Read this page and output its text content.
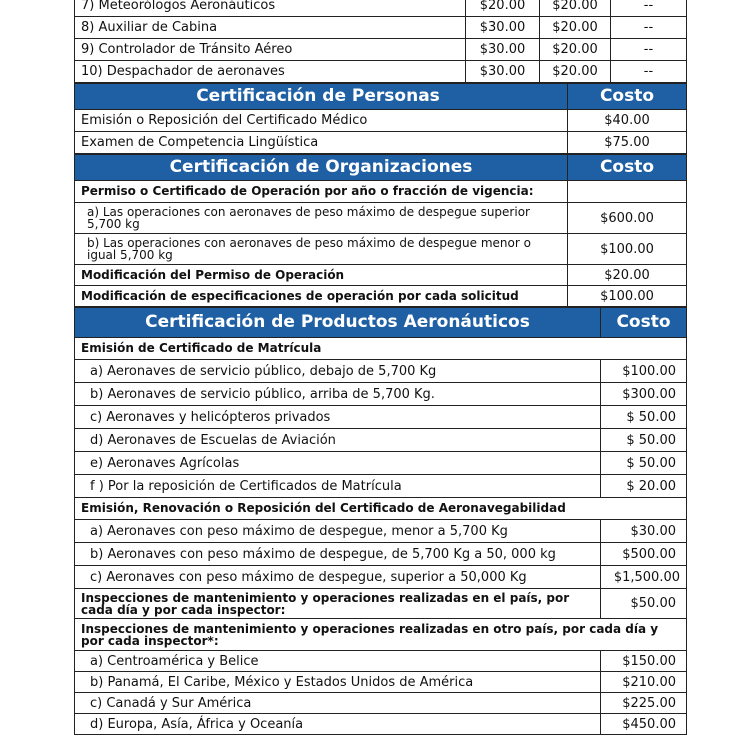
7) Meteorólogos Aeronáuticos	$20.00	$20.00	--
8) Auxiliar de Cabina	$30.00	$20.00	--
9) Controlador de Tránsito Aéreo	$30.00	$20.00	--
10) Despachador de aeronaves	$30.00	$20.00	--
Certificación de Personas	Costo
Emisión o Reposición del Certificado Médico	$40.00
Examen de Competencia Lingüística	$75.00
Certificación de Organizaciones	Costo
Permiso o Certificado de Operación por año o fracción de vigencia:	
a) Las operaciones con aeronaves de peso máximo de despegue superior 5,700 kg	$600.00
b) Las operaciones con aeronaves de peso máximo de despegue menor o igual 5,700 kg	$100.00
Modificación del Permiso de Operación	$20.00
Modificación de especificaciones de operación por cada solicitud	$100.00
Certificación de Productos Aeronáuticos	Costo
Emisión de Certificado de Matrícula	
a) Aeronaves de servicio público, debajo de 5,700 Kg	$100.00
b) Aeronaves de servicio público, arriba de 5,700 Kg.	$300.00
c) Aeronaves y helicópteros privados	$ 50.00
d) Aeronaves de Escuelas de Aviación	$ 50.00
e) Aeronaves Agrícolas	$ 50.00
f ) Por la reposición de Certificados de Matrícula	$ 20.00
Emisión, Renovación o Reposición del Certificado de Aeronavegabilidad	
a) Aeronaves con peso máximo de despegue, menor a 5,700 Kg	$30.00
b) Aeronaves con peso máximo de despegue, de 5,700 Kg a 50, 000 kg	$500.00
c) Aeronaves con peso máximo de despegue, superior a 50,000 Kg	$1,500.00
Inspecciones de mantenimiento y operaciones realizadas en el país, por cada día y por cada inspector:	$50.00
Inspecciones de mantenimiento y operaciones realizadas en otro país, por cada día y por cada inspector*:	
a) Centroamérica y Belice	$150.00
b) Panamá, El Caribe, México y Estados Unidos de América	$210.00
c) Canadá y Sur América	$225.00
d) Europa, Asía, África y Oceanía	$450.00
